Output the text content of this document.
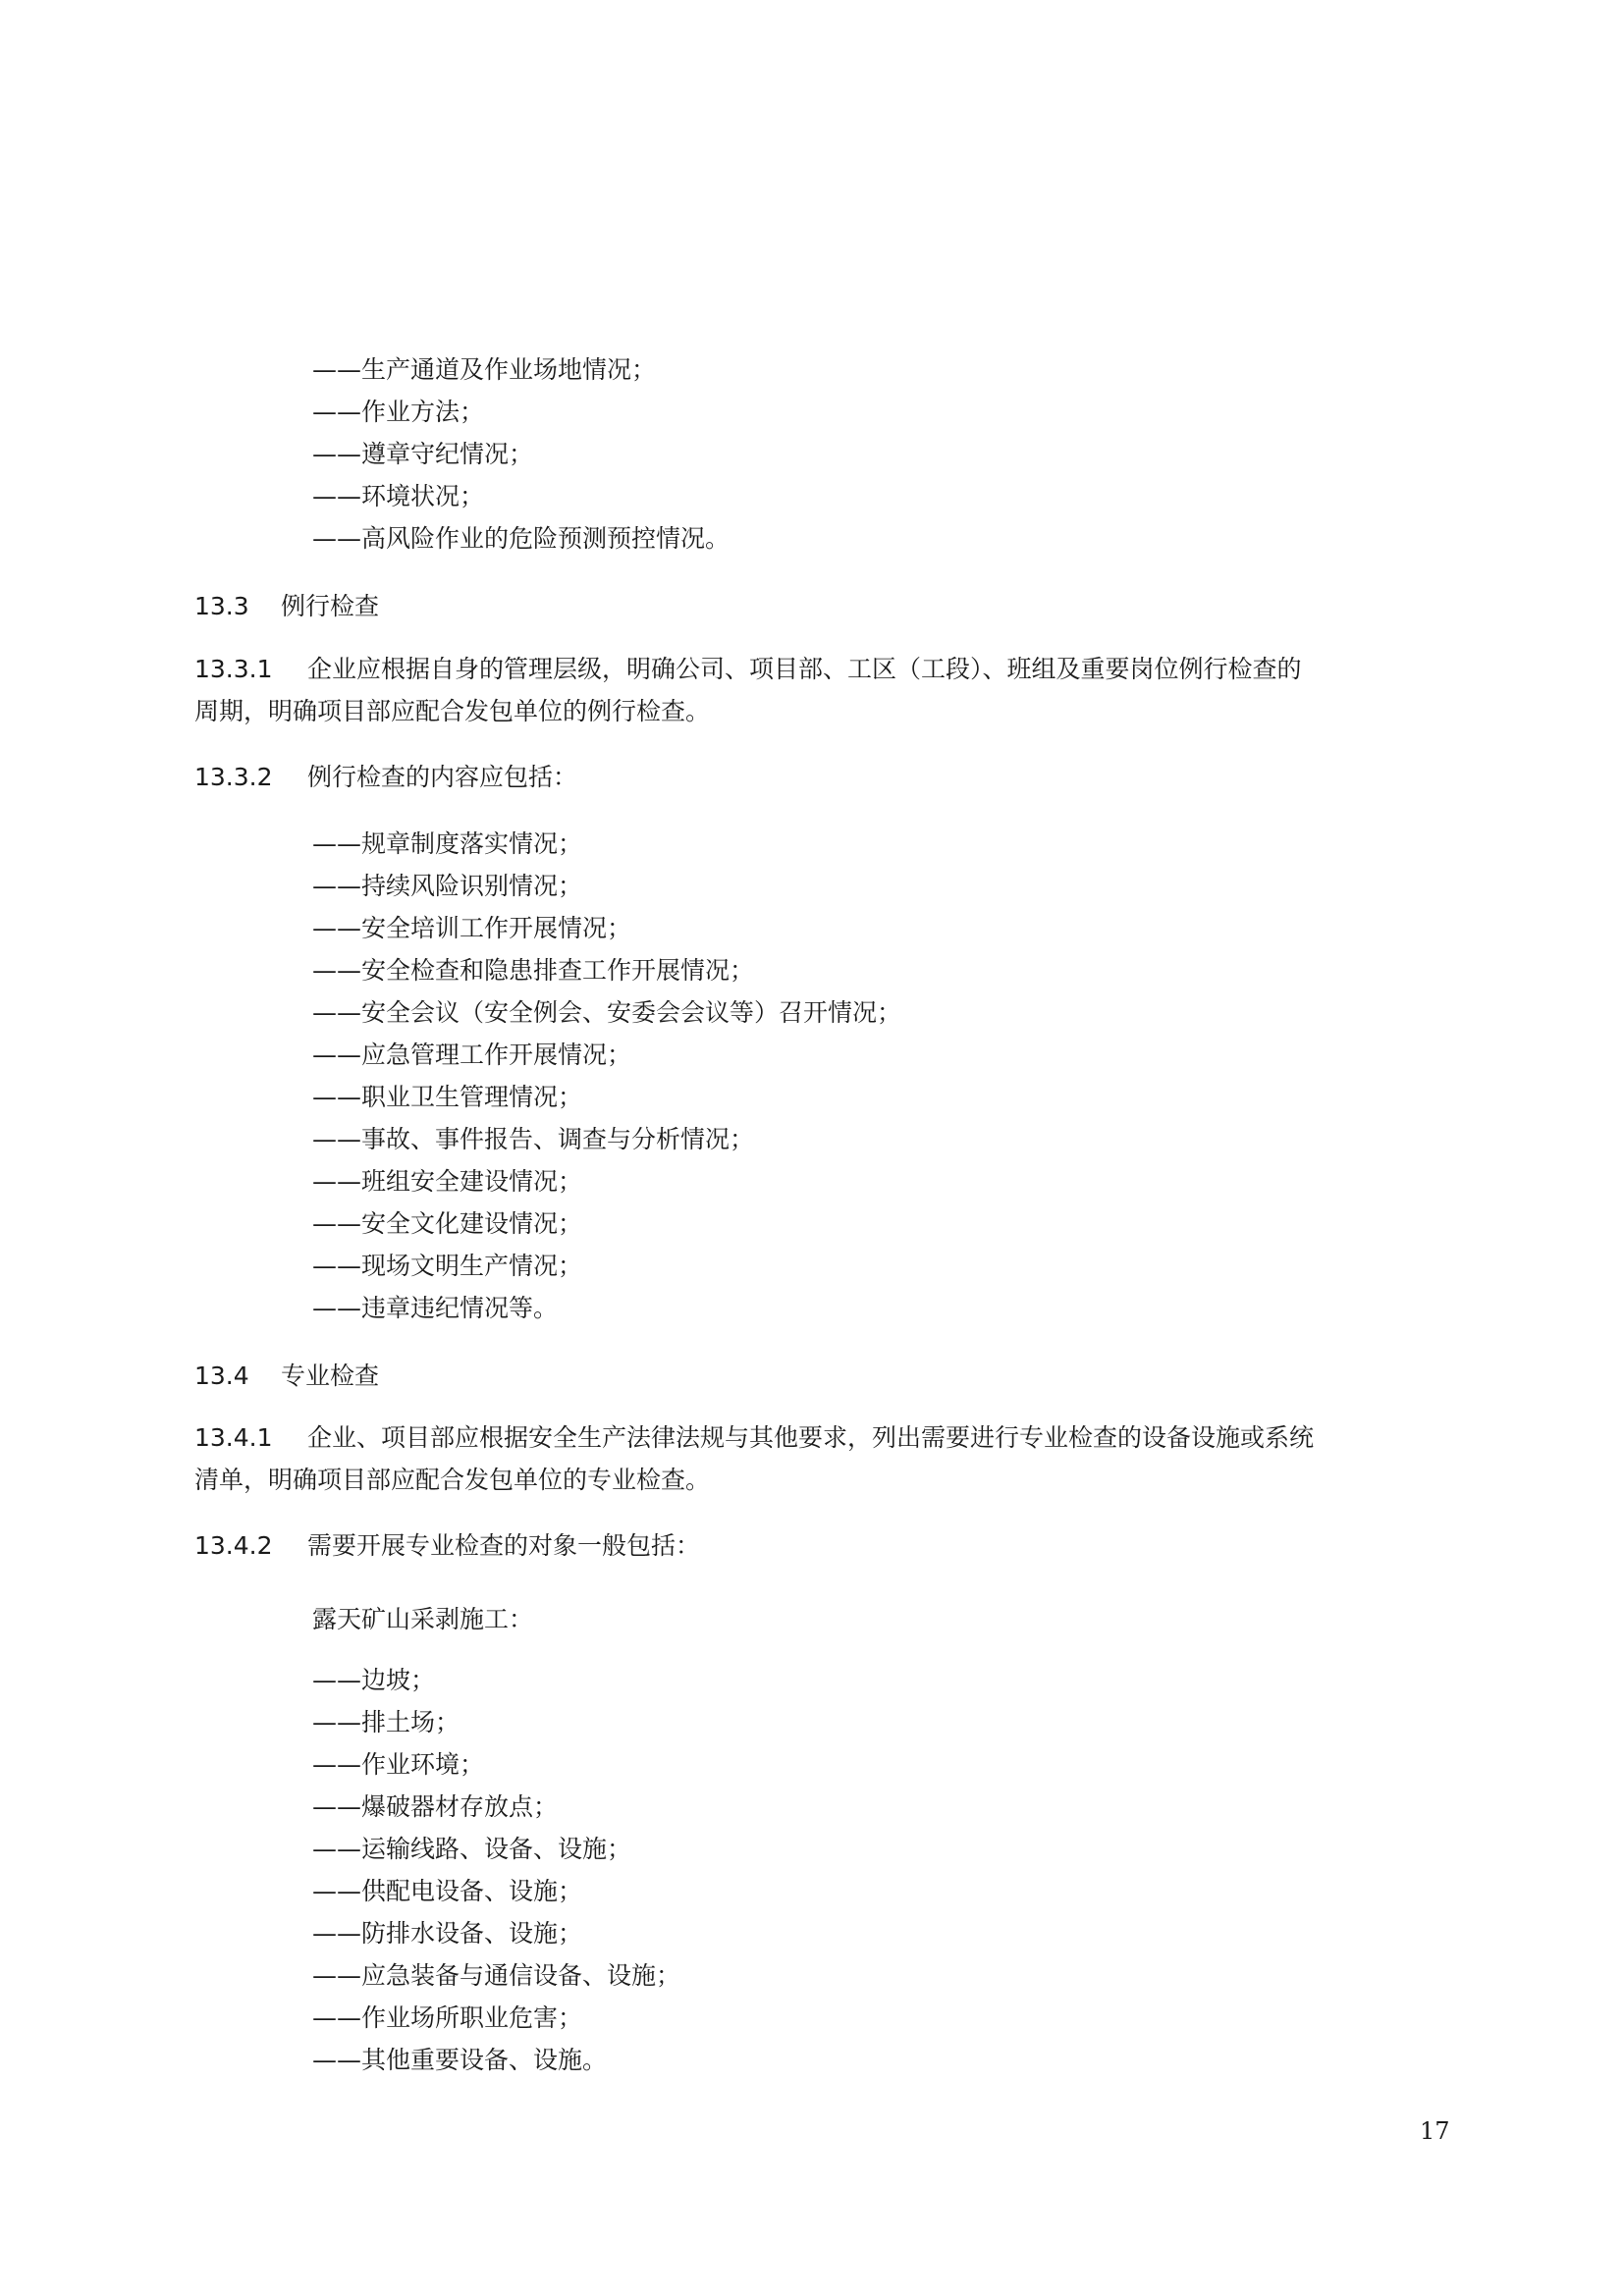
——生产通道及作业场地情况；
——作业方法；
——遵章守纪情况；
——环境状况；
——高风险作业的危险预测预控情况。
13.3 例行检查
13.3.1 企业应根据自身的管理层级，明确公司、项目部、工区（工段）、班组及重要岗位例行检查的
周期，明确项目部应配合发包单位的例行检查。
13.3.2 例行检查的内容应包括：
——规章制度落实情况；
——持续风险识别情况；
——安全培训工作开展情况；
——安全检查和隐患排查工作开展情况；
——安全会议（安全例会、安委会会议等）召开情况；
——应急管理工作开展情况；
——职业卫生管理情况；
——事故、事件报告、调查与分析情况；
——班组安全建设情况；
——安全文化建设情况；
——现场文明生产情况；
——违章违纪情况等。
13.4 专业检查
13.4.1 企业、项目部应根据安全生产法律法规与其他要求，列出需要进行专业检查的设备设施或系统
清单，明确项目部应配合发包单位的专业检查。
13.4.2 需要开展专业检查的对象一般包括：
露天矿山采剥施工：
——边坡；
——排土场；
——作业环境；
——爆破器材存放点；
——运输线路、设备、设施；
——供配电设备、设施；
——防排水设备、设施；
——应急装备与通信设备、设施；
——作业场所职业危害；
——其他重要设备、设施。
17
